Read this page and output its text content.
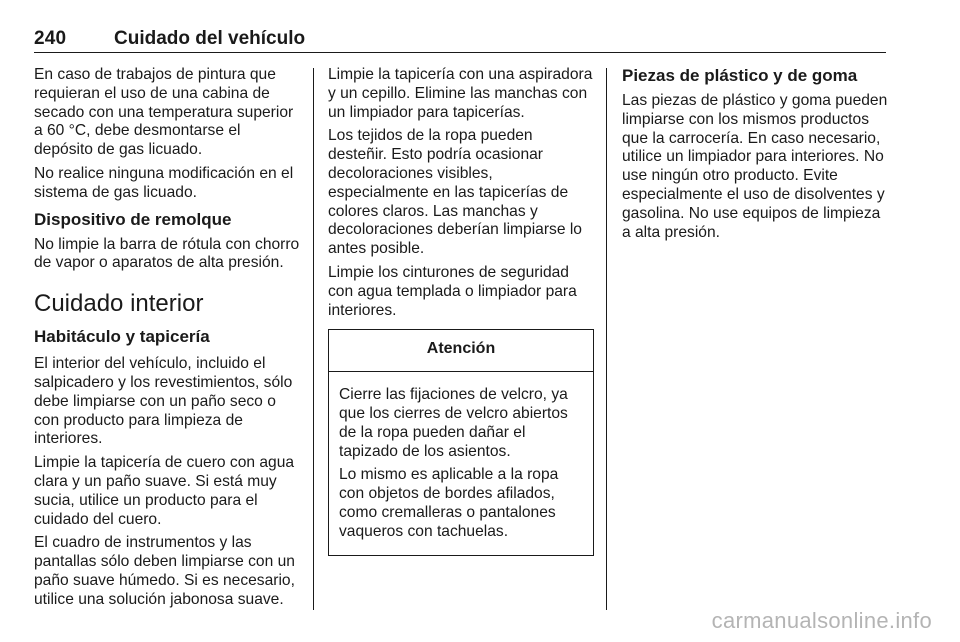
240	Cuidado del vehículo

En caso de trabajos de pintura que requieran el uso de una cabina de secado con una temperatura superior a 60 °C, debe desmontarse el depósito de gas licuado.

No realice ninguna modificación en el sistema de gas licuado.

Dispositivo de remolque

No limpie la barra de rótula con chorro de vapor o aparatos de alta presión.

Cuidado interior
Habitáculo y tapicería

El interior del vehículo, incluido el salpicadero y los revestimientos, sólo debe limpiarse con un paño seco o con producto para limpieza de interiores.

Limpie la tapicería de cuero con agua clara y un paño suave. Si está muy sucia, utilice un producto para el cuidado del cuero.

El cuadro de instrumentos y las pantallas sólo deben limpiarse con un paño suave húmedo. Si es necesario, utilice una solución jabonosa suave.

Limpie la tapicería con una aspiradora y un cepillo. Elimine las manchas con un limpiador para tapicerías.

Los tejidos de la ropa pueden desteñir. Esto podría ocasionar decoloraciones visibles, especialmente en las tapicerías de colores claros. Las manchas y decoloraciones deberían limpiarse lo antes posible.

Limpie los cinturones de seguridad con agua templada o limpiador para interiores.

Atención

Cierre las fijaciones de velcro, ya que los cierres de velcro abiertos de la ropa pueden dañar el tapizado de los asientos.

Lo mismo es aplicable a la ropa con objetos de bordes afilados, como cremalleras o pantalones vaqueros con tachuelas.

Piezas de plástico y de goma

Las piezas de plástico y goma pueden limpiarse con los mismos productos que la carrocería. En caso necesario, utilice un limpiador para interiores. No use ningún otro producto. Evite especialmente el uso de disolventes y gasolina. No use equipos de limpieza a alta presión.

carmanualsonline.info
